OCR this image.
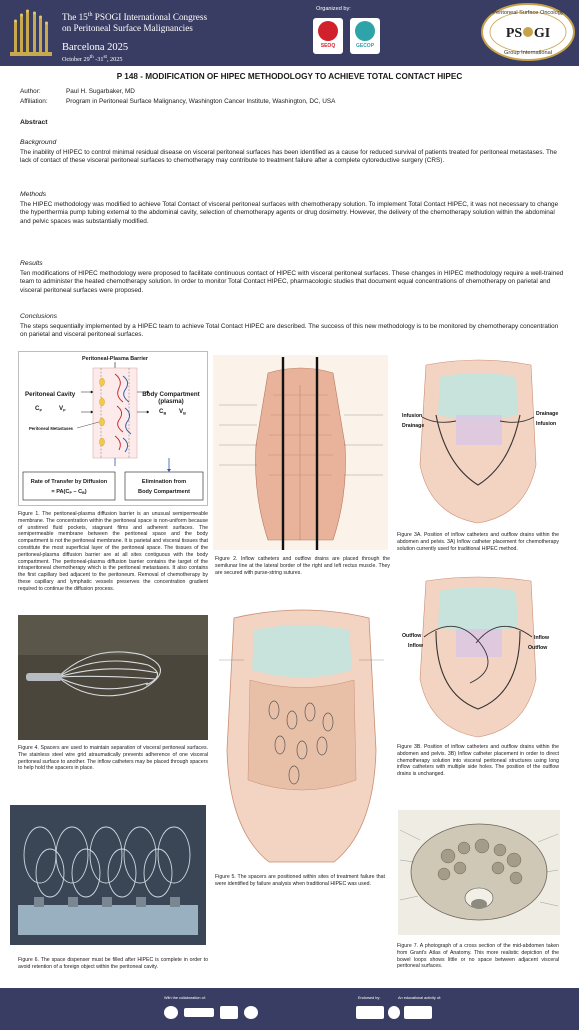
The 15th PSOGI International Congress
on Peritoneal Surface Malignancies
Barcelona 2025
October 29th -31st, 2025
Organized by:
SEOQ	GECOP
Peritoneal Surface Oncology
PS GI
Group International
P 148 - MODIFICATION OF HIPEC METHODOLOGY TO ACHIEVE TOTAL CONTACT HIPEC
Author:	Paul H. Sugarbaker, MD
Affiliation:	Program in Peritoneal Surface Malignancy, Washington Cancer Institute, Washington, DC, USA
Abstract
Background
The inability of HIPEC to control minimal residual disease on visceral peritoneal surfaces has been identified as a cause for reduced survival of patients treated for peritoneal metastases. The lack of contact of these visceral peritoneal surfaces to chemotherapy may contribute to treatment failure after a complete cytoreductive surgery (CRS).
Methods
The HIPEC methodology was modified to achieve Total Contact of visceral peritoneal surfaces with chemotherapy solution. To implement Total Contact HIPEC, it was not necessary to change the hyperthermia pump tubing external to the abdominal cavity, selection of chemotherapy agents or drug dosimetry. However, the delivery of the chemotherapy solution within the abdominal and pelvic spaces was substantially modified.
Results
Ten modifications of HIPEC methodology were proposed to facilitate continuous contact of HIPEC with visceral peritoneal surfaces. These changes in HIPEC methodology require a well-trained team to administer the heated chemotherapy solution. In order to monitor Total Contact HIPEC, pharmacologic studies that document equal concentrations of chemotherapy on parietal and visceral peritoneal surfaces were proposed.
Conclusions
The steps sequentially implemented by a HIPEC team to achieve Total Contact HIPEC are described. The success of this new methodology is to be monitored by chemotherapy concentration on parietal and visceral peritoneal surfaces.
Peritoneal-Plasma Barrier
Peritoneal Cavity
$C_P$	$V_P$
Peritoneal Metastases
Body Compartment
(plasma)
$C_B$ $V_B$
Rate of Transfer by Diffusion
= $PA(C_P - C_B)$
Elimination from
Body Compartment
Figure 1. The peritoneal-plasma diffusion barrier is an unusual semipermeable membrane. The concentration within the peritoneal space is non-uniform because of unstirred fluid pockets, stagnant films and adherent surfaces. The semipermeable membrane between the peritoneal space and the body compartment is not the peritoneal membrane. It is parietal and visceral tissues that constitute the most superficial layer of the peritoneal space. The tissues of the peritoneal-plasma diffusion barrier are at all sites contiguous with the body compartment. The peritoneal-plasma diffusion barrier contains the target of the intraperitoneal chemotherapy which is the peritoneal metastases. It also contains the first capillary bed adjacent to the peritoneum. Removal of chemotherapy by these capillary and lymphatic vessels preserves the concentration gradient required to continue the diffusion process.
Figure 4. Spacers are used to maintain separation of visceral peritoneal surfaces. The stainless steel wire grid atraumatically prevents adherence of one visceral peritoneal surface to another. The inflow catheters may be placed through spacers to help hold the spacers in place.
Figure 6. The space dispenser must be filled after HIPEC is complete in order to avoid retention of a foreign object within the peritoneal cavity.
Figure 2. Inflow catheters and outflow drains are placed through the semilunar line at the lateral border of the right and left rectus muscle. They are secured with purse-string sutures.
Figure 5. The spacers are positioned within sites of treatment failure that were identified by failure analysis when traditional HIPEC was used.
Infusion
Drainage
Drainage
Infusion
Figure 3A. Position of inflow catheters and outflow drains within the abdomen and pelvis. 3A) Inflow catheter placement for chemotherapy solution currently used for traditional HIPEC method.
Outflow
Inflow
Inflow
Outflow
Figure 3B. Position of inflow catheters and outflow drains within the abdomen and pelvis. 3B) Inflow catheter placement in order to direct chemotherapy solution into visceral peritoneal structures using long inflow catheters with multiple side holes. The position of the outflow drains is unchanged.
Figure 7. A photograph of a cross section of the mid-abdomen taken from Grant's Atlas of Anatomy. This more realistic depiction of the bowel loops shows little or no space between adjacent visceral peritoneal surfaces.
With the collaboration of:	Endorsed by:	An educational activity of:
